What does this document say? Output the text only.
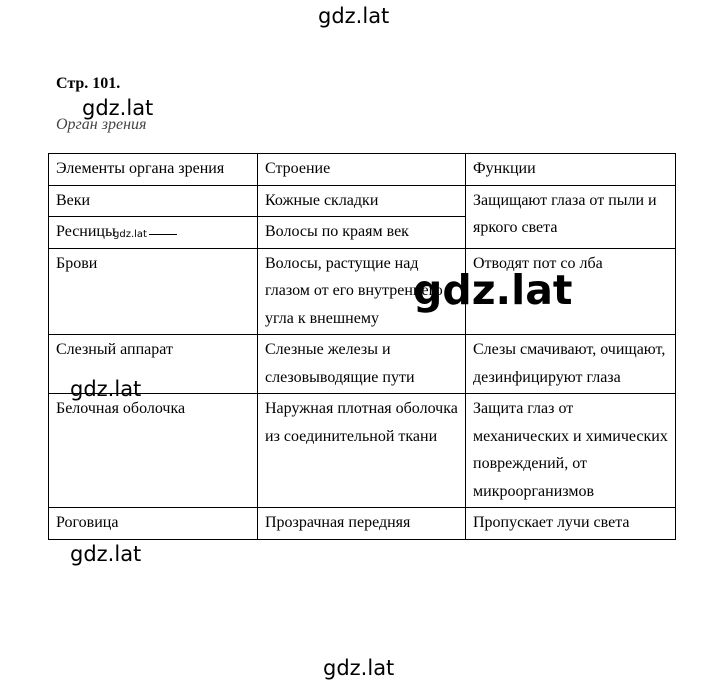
gdz.lat
Стр. 101.
gdz.lat
Орган зрения
Элементы органа зрения	Строение	Функции
Веки	Кожные складки	Защищают глаза от пыли и яркого света
Ресницы	Волосы по краям век	
Брови	Волосы, растущие над глазом от его внутреннего угла к внешнему	Отводят пот со лба
Слезный аппарат	Слезные железы и слезовыводящие пути	Слезы смачивают, очищают, дезинфицируют глаза
Белочная оболочка	Наружная плотная оболочка из соединительной ткани	Защита глаз от механических и химических повреждений, от микроорганизмов
Роговица	Прозрачная передняя	Пропускает лучи света
gdz.lat
gdz.lat
gdz.lat
gdz.lat
gdz.lat
